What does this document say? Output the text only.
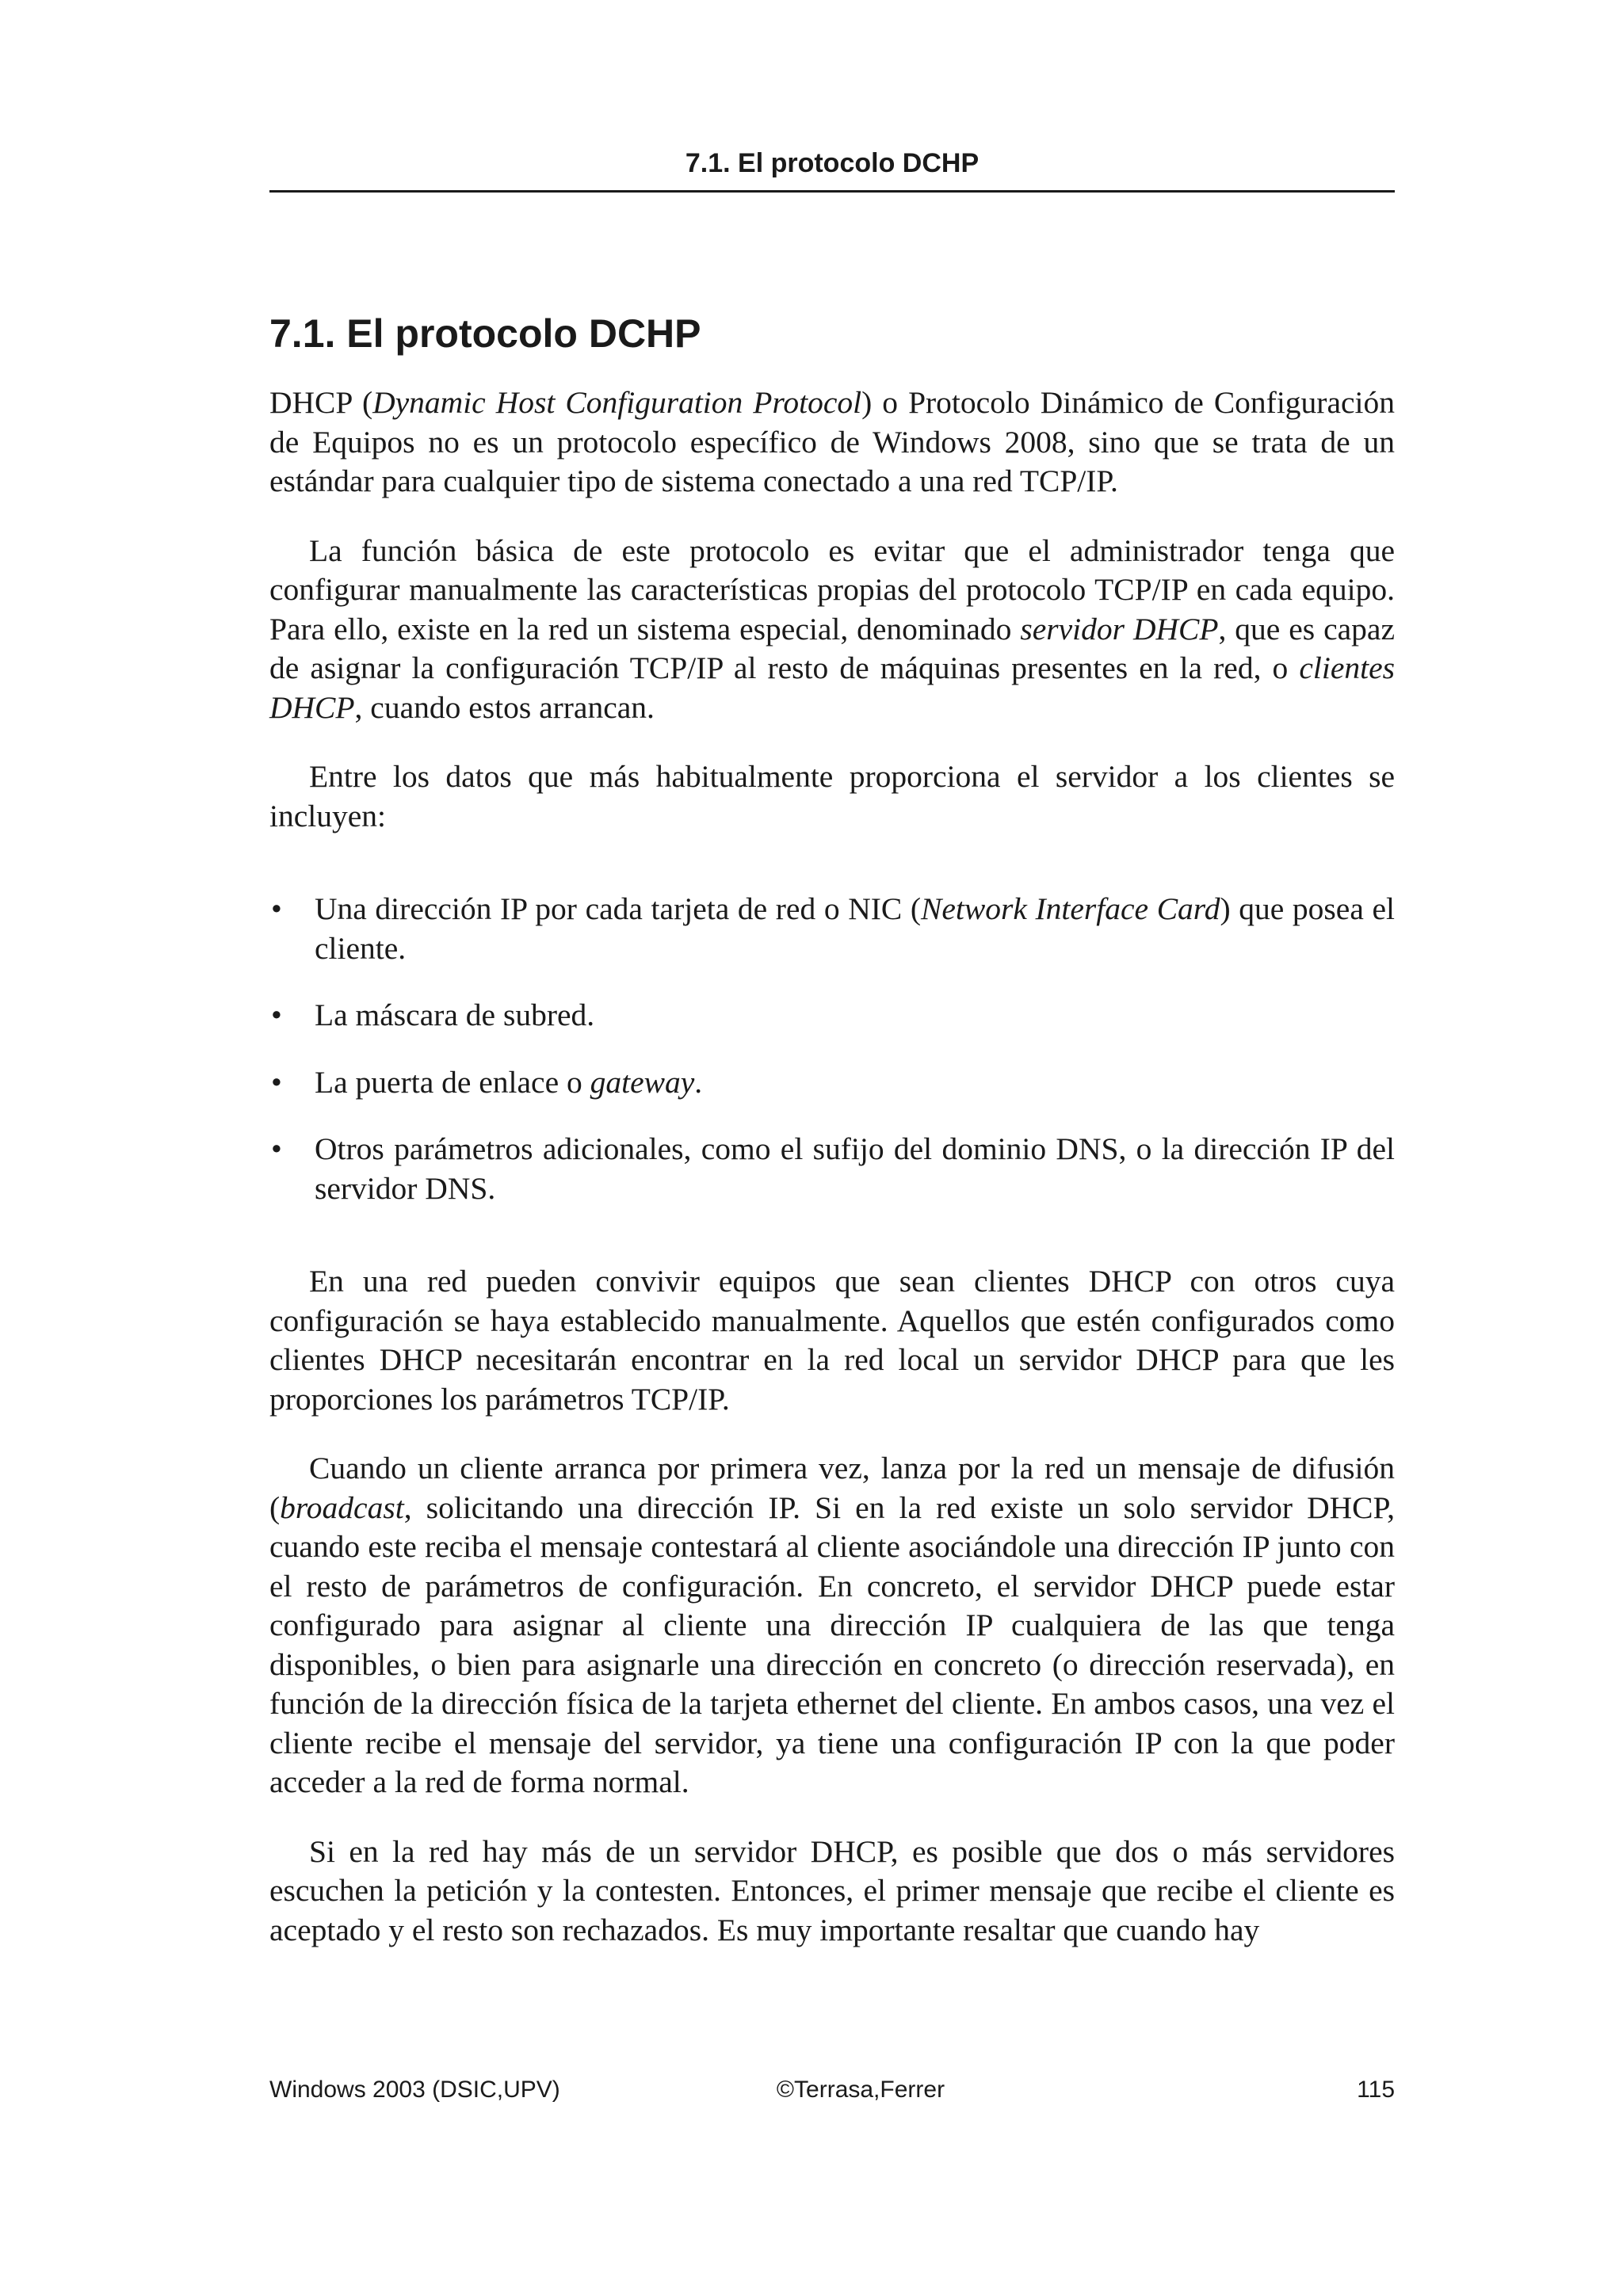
7.1. El protocolo DCHP
7.1. El protocolo DCHP

DHCP (Dynamic Host Configuration Protocol) o Protocolo Dinámico de Configuración de Equipos no es un protocolo específico de Windows 2008, sino que se trata de un estándar para cualquier tipo de sistema conectado a una red TCP/IP.

La función básica de este protocolo es evitar que el administrador tenga que configurar manualmente las características propias del protocolo TCP/IP en cada equipo. Para ello, existe en la red un sistema especial, denominado servidor DHCP, que es capaz de asignar la configuración TCP/IP al resto de máquinas presentes en la red, o clientes DHCP, cuando estos arrancan.

Entre los datos que más habitualmente proporciona el servidor a los clientes se incluyen:

• Una dirección IP por cada tarjeta de red o NIC (Network Interface Card) que posea el cliente.
• La máscara de subred.
• La puerta de enlace o gateway.
• Otros parámetros adicionales, como el sufijo del dominio DNS, o la dirección IP del servidor DNS.

En una red pueden convivir equipos que sean clientes DHCP con otros cuya configuración se haya establecido manualmente. Aquellos que estén configurados como clientes DHCP necesitarán encontrar en la red local un servidor DHCP para que les proporciones los parámetros TCP/IP.

Cuando un cliente arranca por primera vez, lanza por la red un mensaje de difusión (broadcast, solicitando una dirección IP. Si en la red existe un solo servidor DHCP, cuando este reciba el mensaje contestará al cliente asociándole una dirección IP junto con el resto de parámetros de configuración. En concreto, el servidor DHCP puede estar configurado para asignar al cliente una dirección IP cualquiera de las que tenga disponibles, o bien para asignarle una dirección en concreto (o dirección reservada), en función de la dirección física de la tarjeta ethernet del cliente. En ambos casos, una vez el cliente recibe el mensaje del servidor, ya tiene una configuración IP con la que poder acceder a la red de forma normal.

Si en la red hay más de un servidor DHCP, es posible que dos o más servidores escuchen la petición y la contesten. Entonces, el primer mensaje que recibe el cliente es aceptado y el resto son rechazados. Es muy importante resaltar que cuando hay

Windows 2003 (DSIC,UPV)	©Terrasa,Ferrer	115
